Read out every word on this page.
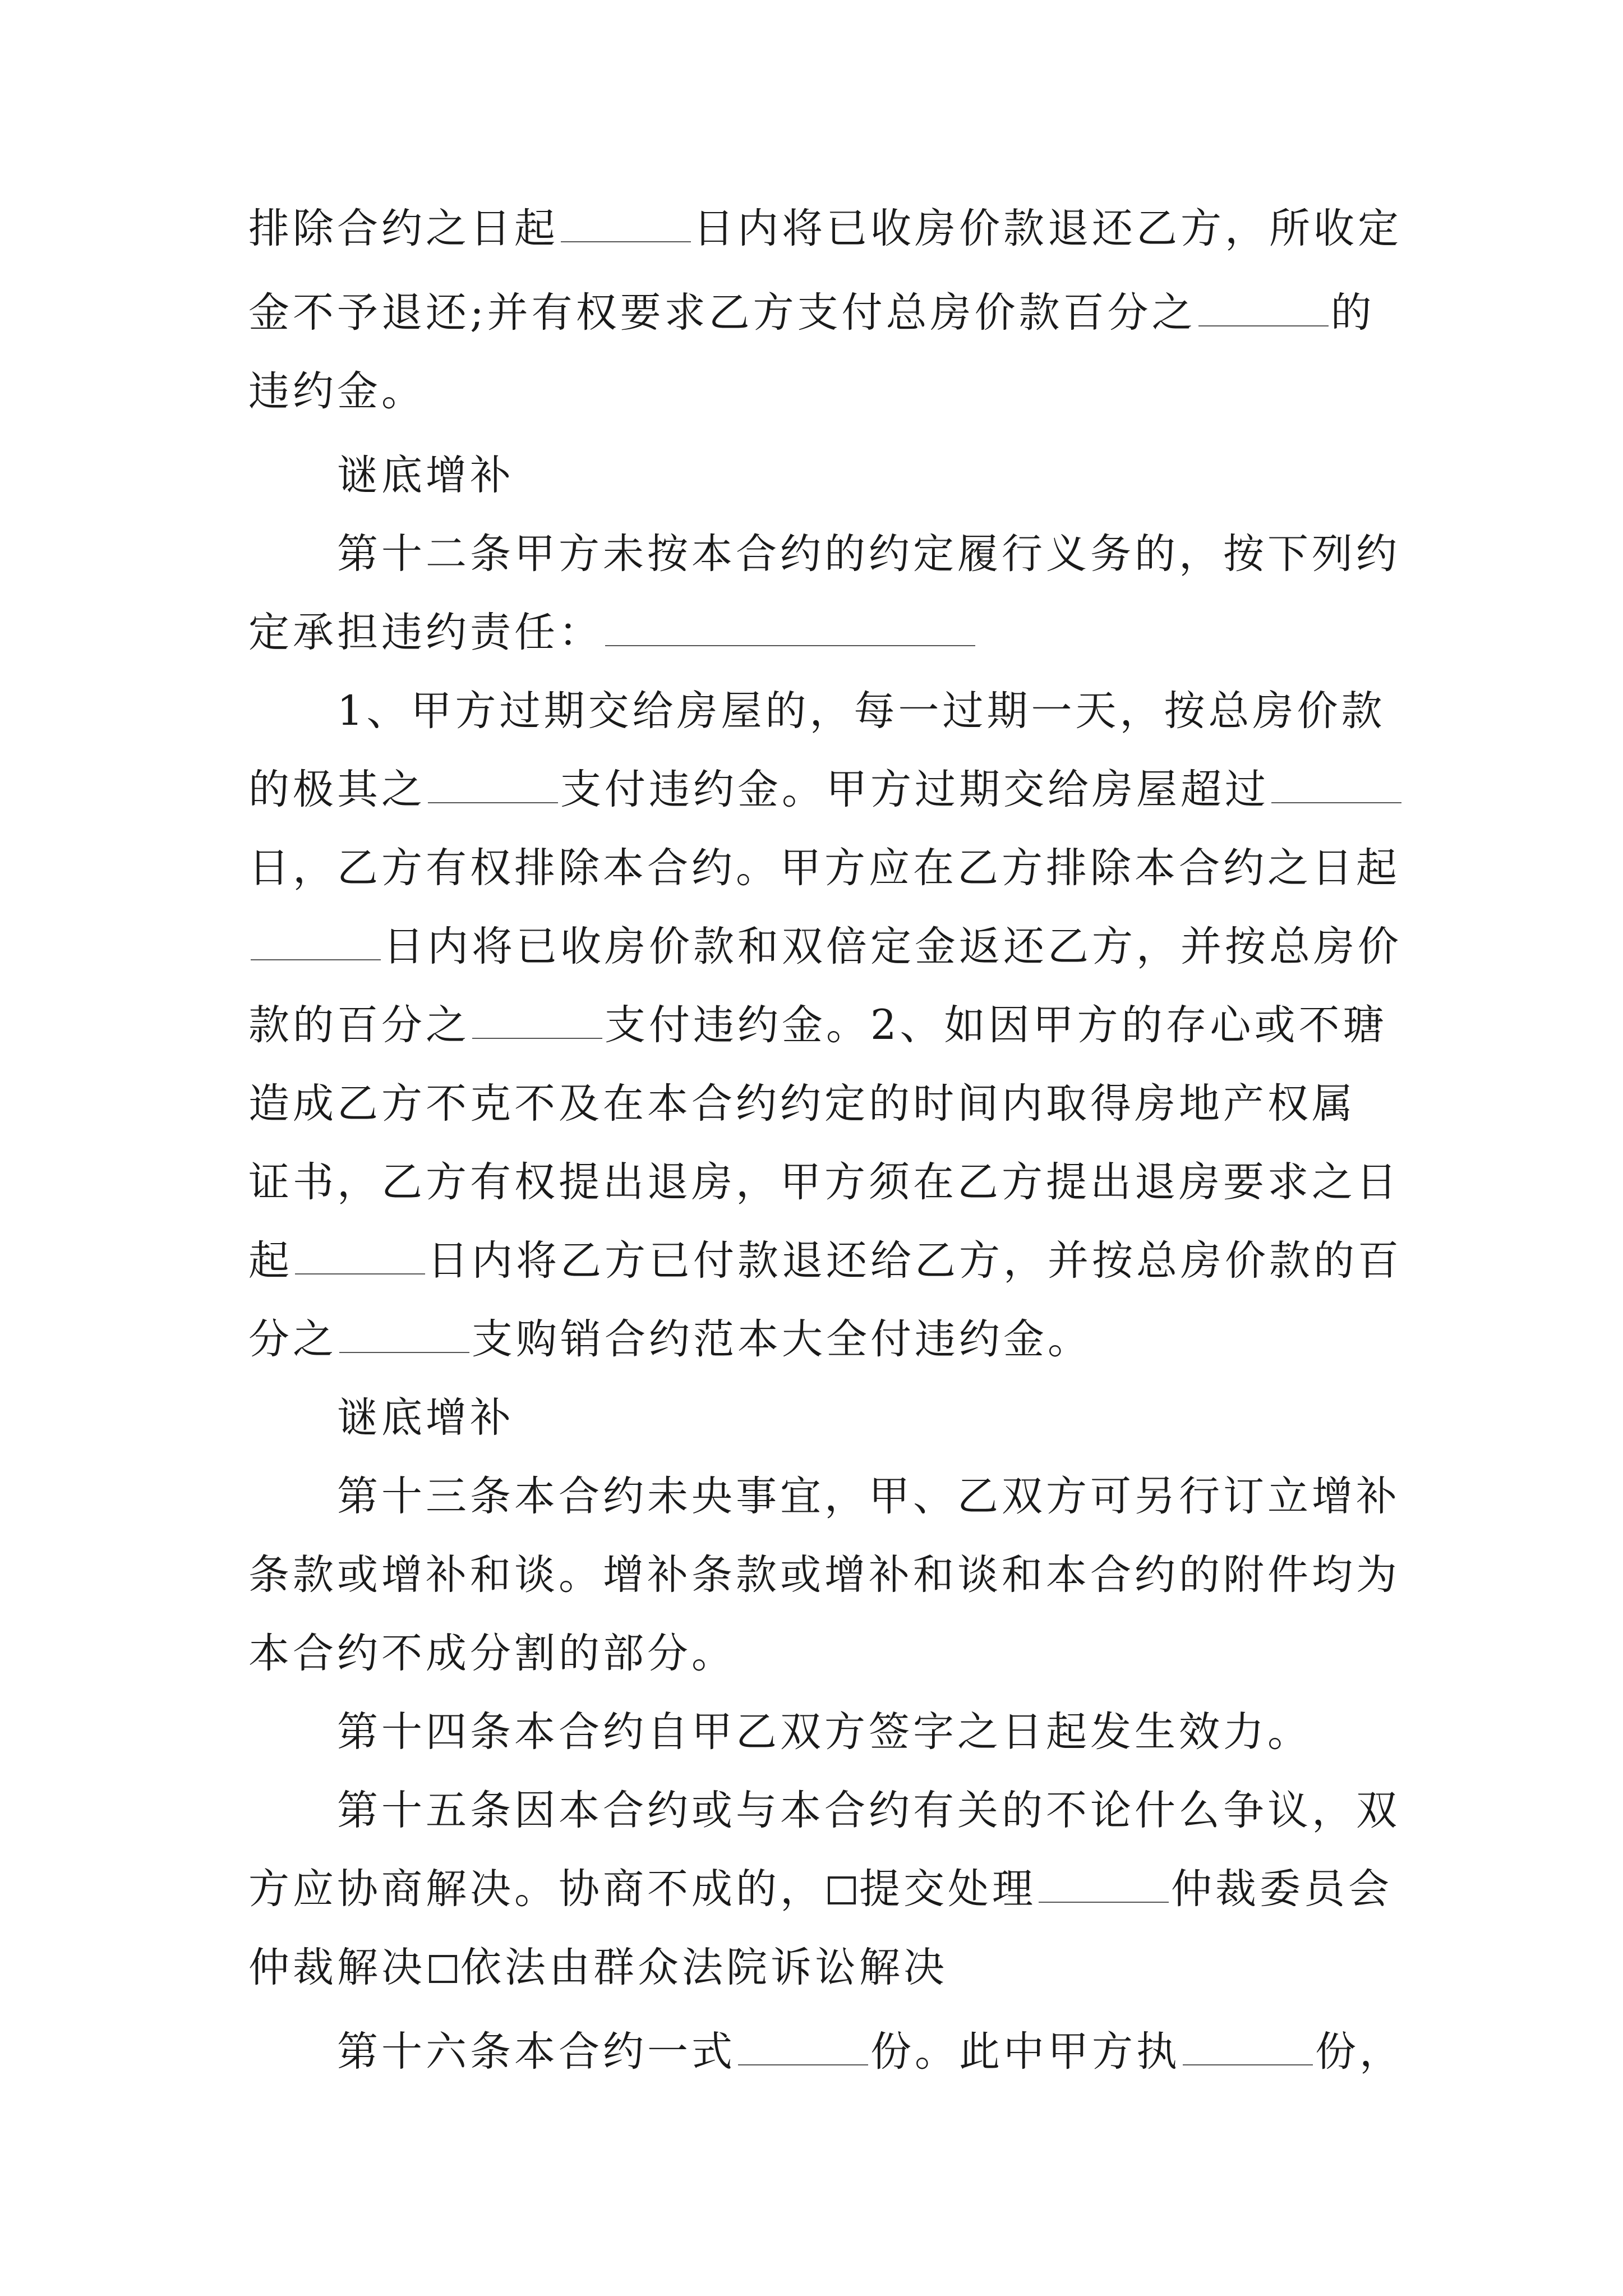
排除合约之日起	日内将已收房价款退还乙方，所收定
金不予退还;并有权要求乙方支付总房价款百分之	的
违约金。
谜底增补
第十二条甲方未按本合约的约定履行义务的，按下列约
定承担违约责任：
1、甲方过期交给房屋的，每一过期一天，按总房价款
的极其之	支付违约金。甲方过期交给房屋超过
日，乙方有权排除本合约。甲方应在乙方排除本合约之日起
日内将已收房价款和双倍定金返还乙方，并按总房价
款的百分之	支付违约金。2、如因甲方的存心或不瑭
造成乙方不克不及在本合约约定的时间内取得房地产权属
证书，乙方有权提出退房，甲方须在乙方提出退房要求之日
起	日内将乙方已付款退还给乙方，并按总房价款的百
分之	支购销合约范本大全付违约金。
谜底增补
第十三条本合约未央事宜，甲、乙双方可另行订立增补
条款或增补和谈。增补条款或增补和谈和本合约的附件均为
本合约不成分割的部分。
第十四条本合约自甲乙双方签字之日起发生效力。
第十五条因本合约或与本合约有关的不论什么争议，双
方应协商解决。协商不成的， 提交处理	仲裁委员会
仲裁解决 依法由群众法院诉讼解决
第十六条本合约一式	份。此中甲方执	份，
